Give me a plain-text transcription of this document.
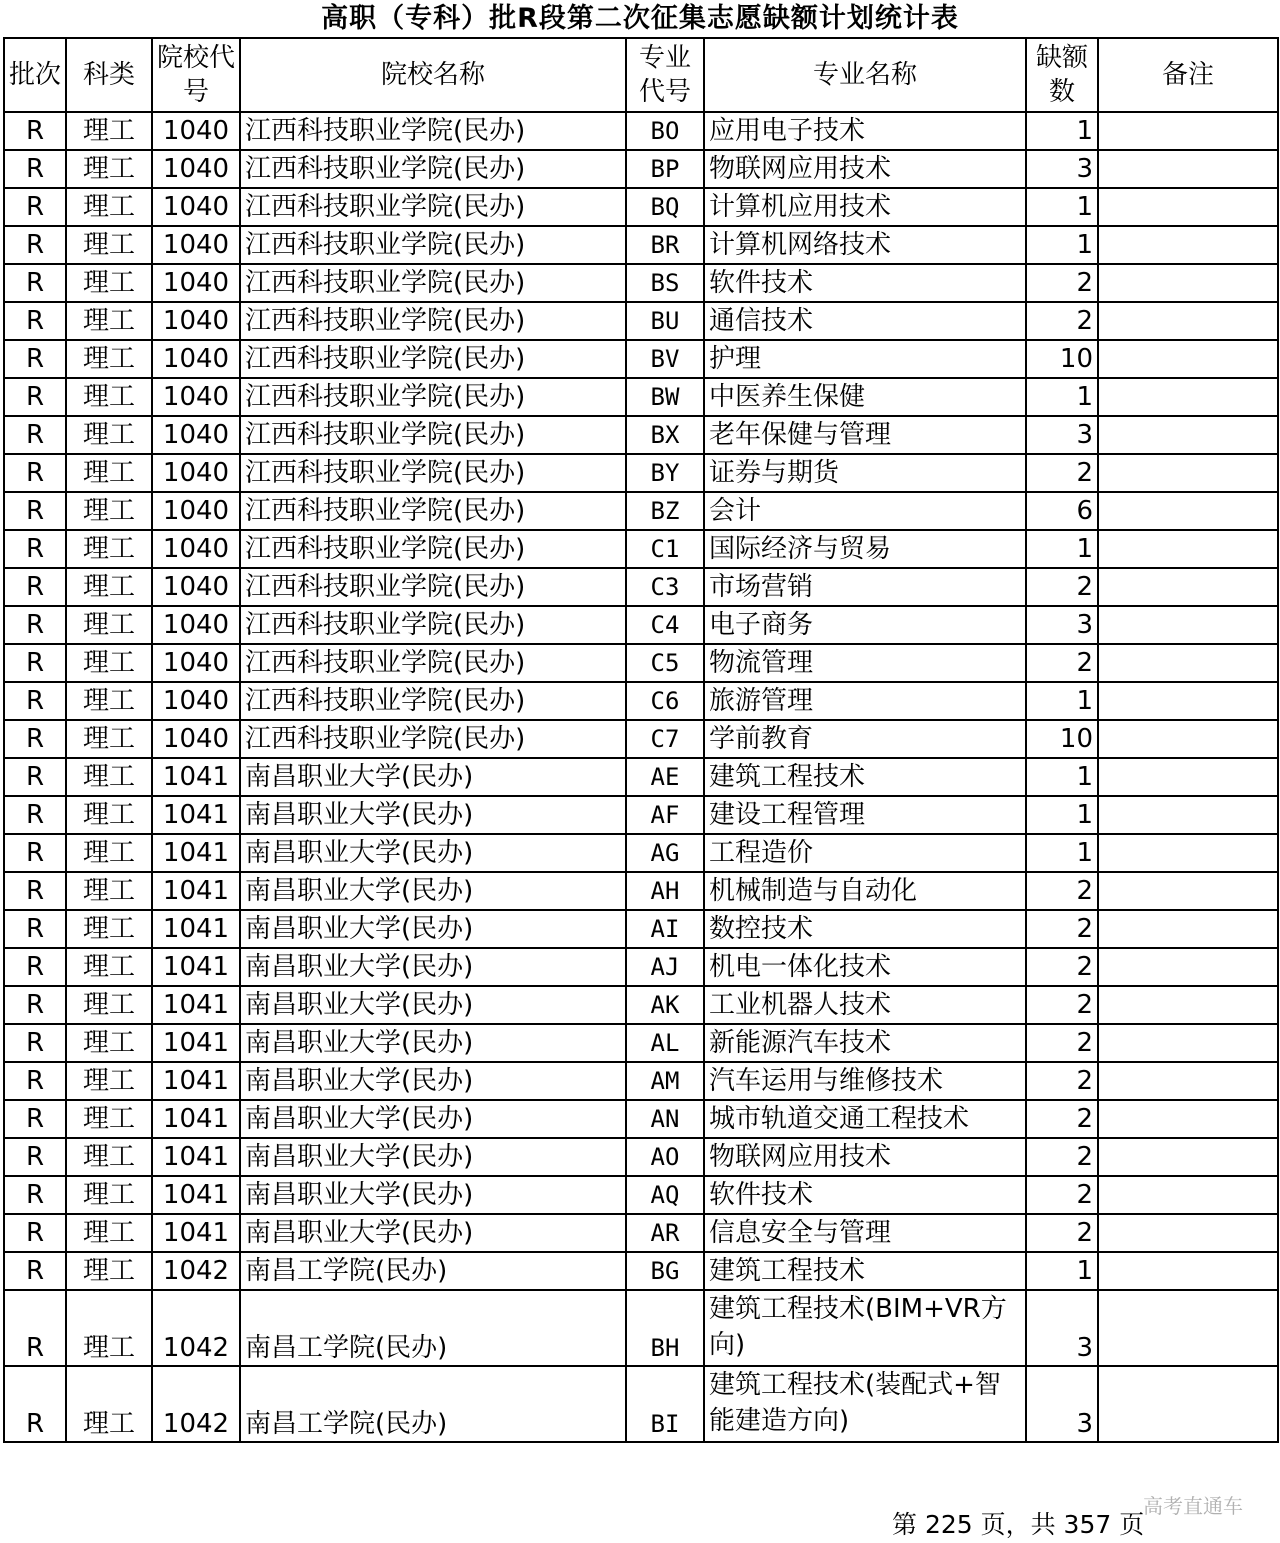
高职（专科）批R段第二次征集志愿缺额计划统计表
批次	科类	院校代号	院校名称	专业代号	专业名称	缺额数	备注
R	理工	1040	江西科技职业学院(民办)	BO	应用电子技术	1	
R	理工	1040	江西科技职业学院(民办)	BP	物联网应用技术	3	
R	理工	1040	江西科技职业学院(民办)	BQ	计算机应用技术	1	
R	理工	1040	江西科技职业学院(民办)	BR	计算机网络技术	1	
R	理工	1040	江西科技职业学院(民办)	BS	软件技术	2	
R	理工	1040	江西科技职业学院(民办)	BU	通信技术	2	
R	理工	1040	江西科技职业学院(民办)	BV	护理	10	
R	理工	1040	江西科技职业学院(民办)	BW	中医养生保健	1	
R	理工	1040	江西科技职业学院(民办)	BX	老年保健与管理	3	
R	理工	1040	江西科技职业学院(民办)	BY	证券与期货	2	
R	理工	1040	江西科技职业学院(民办)	BZ	会计	6	
R	理工	1040	江西科技职业学院(民办)	C1	国际经济与贸易	1	
R	理工	1040	江西科技职业学院(民办)	C3	市场营销	2	
R	理工	1040	江西科技职业学院(民办)	C4	电子商务	3	
R	理工	1040	江西科技职业学院(民办)	C5	物流管理	2	
R	理工	1040	江西科技职业学院(民办)	C6	旅游管理	1	
R	理工	1040	江西科技职业学院(民办)	C7	学前教育	10	
R	理工	1041	南昌职业大学(民办)	AE	建筑工程技术	1	
R	理工	1041	南昌职业大学(民办)	AF	建设工程管理	1	
R	理工	1041	南昌职业大学(民办)	AG	工程造价	1	
R	理工	1041	南昌职业大学(民办)	AH	机械制造与自动化	2	
R	理工	1041	南昌职业大学(民办)	AI	数控技术	2	
R	理工	1041	南昌职业大学(民办)	AJ	机电一体化技术	2	
R	理工	1041	南昌职业大学(民办)	AK	工业机器人技术	2	
R	理工	1041	南昌职业大学(民办)	AL	新能源汽车技术	2	
R	理工	1041	南昌职业大学(民办)	AM	汽车运用与维修技术	2	
R	理工	1041	南昌职业大学(民办)	AN	城市轨道交通工程技术	2	
R	理工	1041	南昌职业大学(民办)	AO	物联网应用技术	2	
R	理工	1041	南昌职业大学(民办)	AQ	软件技术	2	
R	理工	1041	南昌职业大学(民办)	AR	信息安全与管理	2	
R	理工	1042	南昌工学院(民办)	BG	建筑工程技术	1	
R	理工	1042	南昌工学院(民办)	BH	建筑工程技术(BIM+VR方向)	3	
R	理工	1042	南昌工学院(民办)	BI	建筑工程技术(装配式+智能建造方向)	3	
高考直通车
第 225 页，共 357 页
